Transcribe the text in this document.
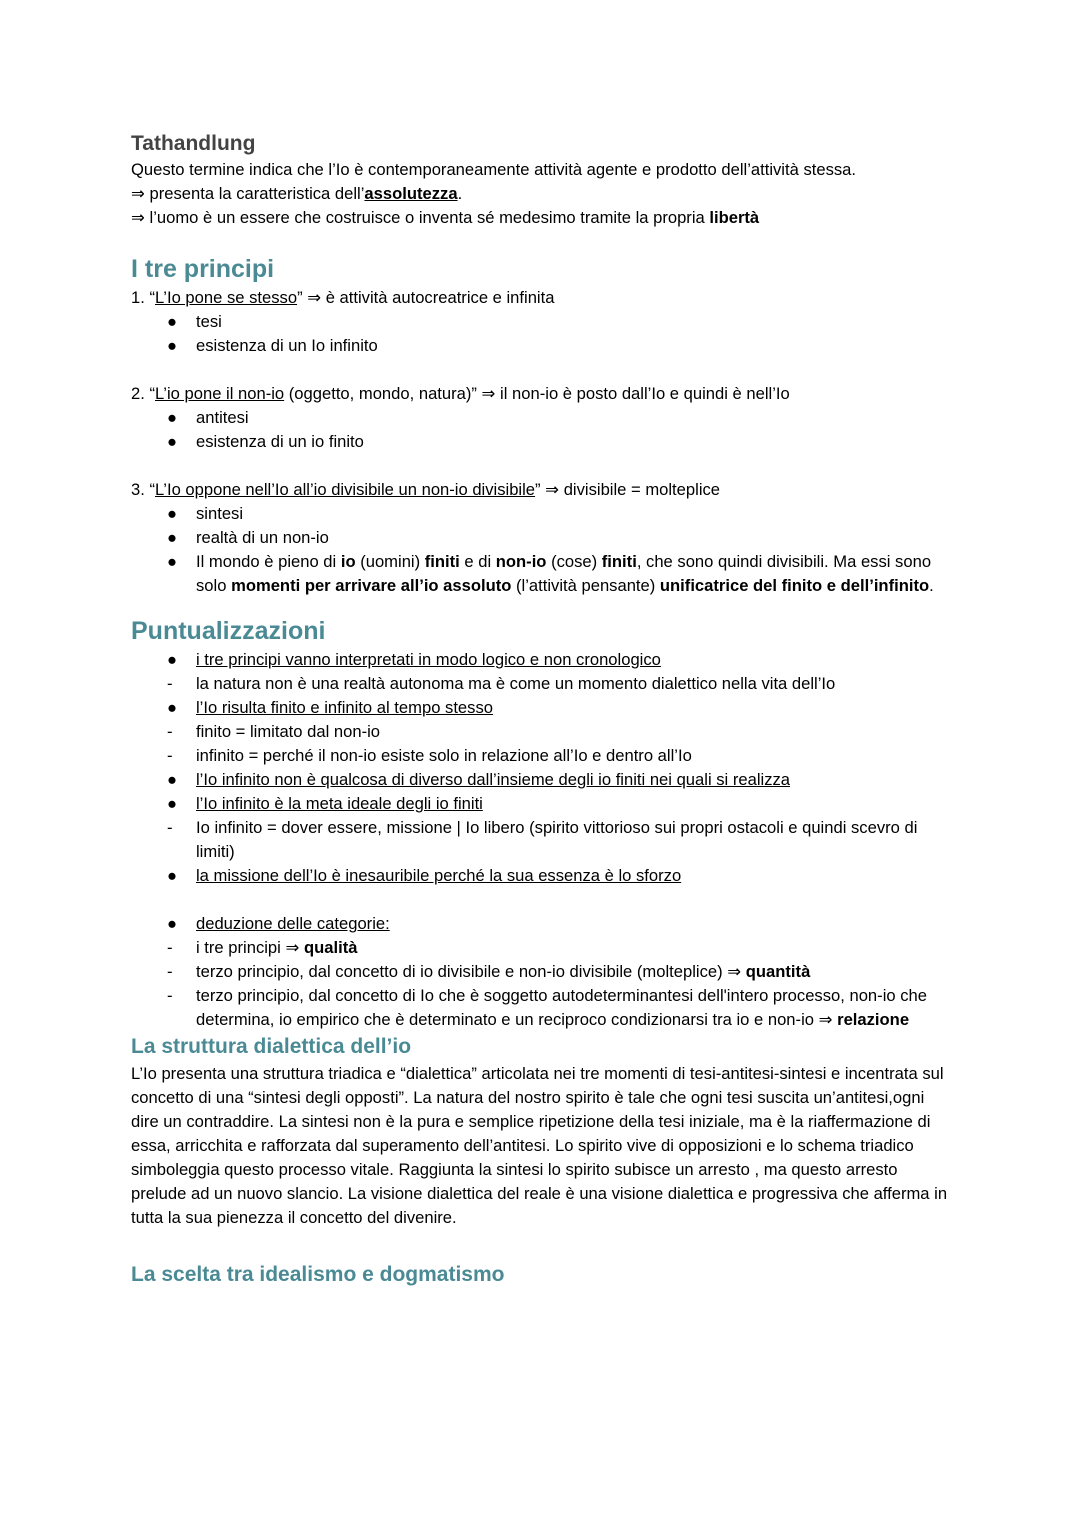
Tathandlung

Questo termine indica che l’Io è contemporaneamente attività agente e prodotto dell’attività stessa.

⇒ presenta la caratteristica dell’assolutezza.

⇒ l’uomo è un essere che costruisce o inventa sé medesimo tramite la propria libertà

I tre principi

1. “L’Io pone se stesso” ⇒ è attività autocreatrice e infinita

● tesi
● esistenza di un Io infinito

2. “L’io pone il non-io (oggetto, mondo, natura)” ⇒ il non-io è posto dall’Io e quindi è nell’Io

● antitesi
● esistenza di un io finito

3. “L’Io oppone nell’Io all’io divisibile un non-io divisibile” ⇒ divisibile = molteplice

● sintesi
● realtà di un non-io
● Il mondo è pieno di io (uomini) finiti e di non-io (cose) finiti, che sono quindi divisibili. Ma essi sono solo momenti per arrivare all’io assoluto (l’attività pensante) unificatrice del finito e dell’infinito.
Puntualizzazioni
● i tre principi vanno interpretati in modo logico e non cronologico
- la natura non è una realtà autonoma ma è come un momento dialettico nella vita dell’Io
● l’Io risulta finito e infinito al tempo stesso
- finito = limitato dal non-io
- infinito = perché il non-io esiste solo in relazione all’Io e dentro all’Io
● l’Io infinito non è qualcosa di diverso dall’insieme degli io finiti nei quali si realizza
● l’Io infinito è la meta ideale degli io finiti
- Io infinito = dover essere, missione | Io libero (spirito vittorioso sui propri ostacoli e quindi scevro di limiti)
● la missione dell’Io è inesauribile perché la sua essenza è lo sforzo
● deduzione delle categorie:
- i tre principi ⇒ qualità
- terzo principio, dal concetto di io divisibile e non-io divisibile (molteplice) ⇒ quantità
- terzo principio, dal concetto di Io che è soggetto autodeterminantesi dell'intero processo, non-io che determina, io empirico che è determinato e un reciproco condizionarsi tra io e non-io ⇒ relazione
La struttura dialettica dell’io

L’Io presenta una struttura triadica e “dialettica” articolata nei tre momenti di tesi-antitesi-sintesi e incentrata sul concetto di una “sintesi degli opposti”. La natura del nostro spirito è tale che ogni tesi suscita un’antitesi,ogni dire un contraddire. La sintesi non è la pura e semplice ripetizione della tesi iniziale, ma è la riaffermazione di essa, arricchita e rafforzata dal superamento dell’antitesi. Lo spirito vive di opposizioni e lo schema triadico simboleggia questo processo vitale. Raggiunta la sintesi lo spirito subisce un arresto , ma questo arresto prelude ad un nuovo slancio. La visione dialettica del reale è una visione dialettica e progressiva che afferma in tutta la sua pienezza il concetto del divenire.

La scelta tra idealismo e dogmatismo
